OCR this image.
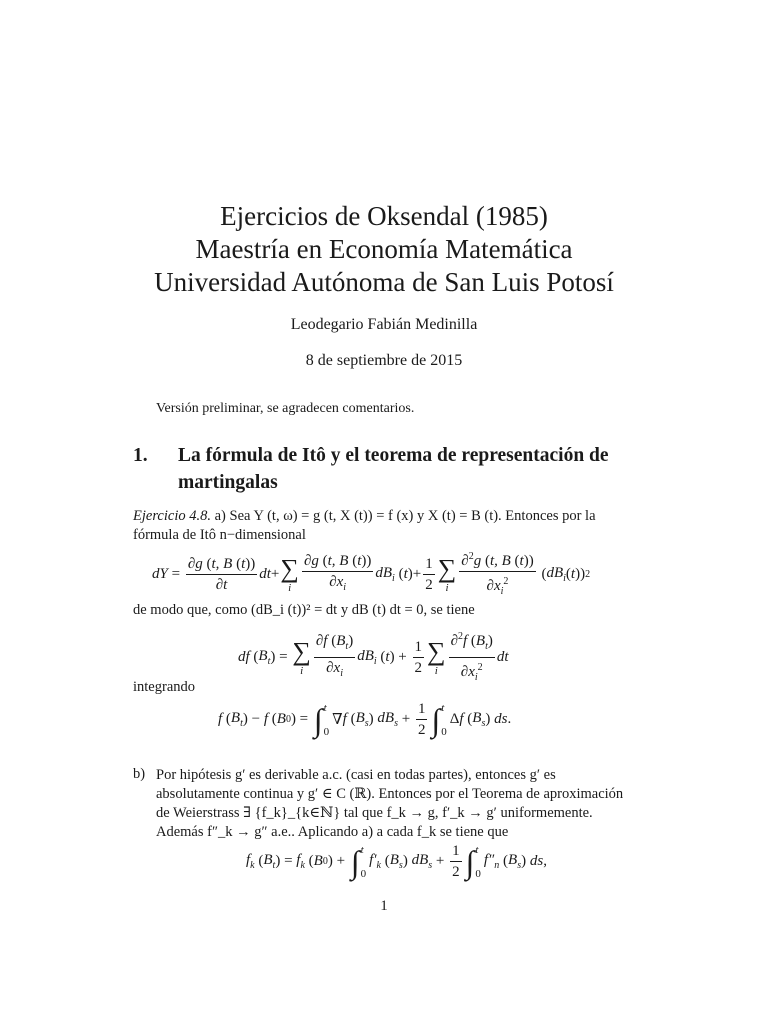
Ejercicios de Oksendal (1985)
Maestría en Economía Matemática
Universidad Autónoma de San Luis Potosí
Leodegario Fabián Medinilla
8 de septiembre de 2015
Versión preliminar, se agradecen comentarios.
1. La fórmula de Itô y el teorema de representación de martingalas
Ejercicio 4.8. a) Sea Y (t, ω) = g (t, X (t)) = f (x) y X (t) = B (t). Entonces por la fórmula de Itô n−dimensional
dY = $\frac{\partial g (t, B (t))}{\partial t}$ dt + ∑
i $\frac{\partial g (t, B (t))}{\partial x_i} dB_i$ ( t )+ $\frac{1}{2}$ ∑
i $\frac{\partial^2g (t, B (t))}{\partial x_i^2}$ ( $dB_i$ ( t )) 2
de modo que, como (dB_i (t))² = dt y dB (t) dt = 0, se tiene
df ( $B_t$ ) = ∑
i $\frac{\partial f (B_t)}{\partial x_i} dB_i$ ( t ) + $\frac{1}{2}$ ∑
i $\frac{\partial^2f (B_t)}{\partial x_i^2}$ dt
integrando
f ( $B_t$ ) − f ( B 0 ) = ∫ t
0
∇ f ( $B_s$ ) $dB_s + \frac{1}{2}$ ∫ t
0
Δ f ( $B_s$ ) ds .
b) Por hipótesis g′ es derivable a.c. (casi en todas partes), entonces g′ es absolutamente continua y g′ ∈ C (ℝ). Entonces por el Teorema de aproximación de Weierstrass ∃ {f_k}_{k∈ℕ} tal que f_k → g, f′_k → g′ uniformemente. Además f″_k → g″ a.e.. Aplicando a) a cada f_k se tiene que
$f_k$ ( $B_t$ ) = $f_k$ ( B 0 ) + ∫ t
0
$f'_k$ ( $B_s$ ) $dB_s + \frac{1}{2}$ ∫ t
0
$f''_n$ ( $B_s$ ) ds ,
1
